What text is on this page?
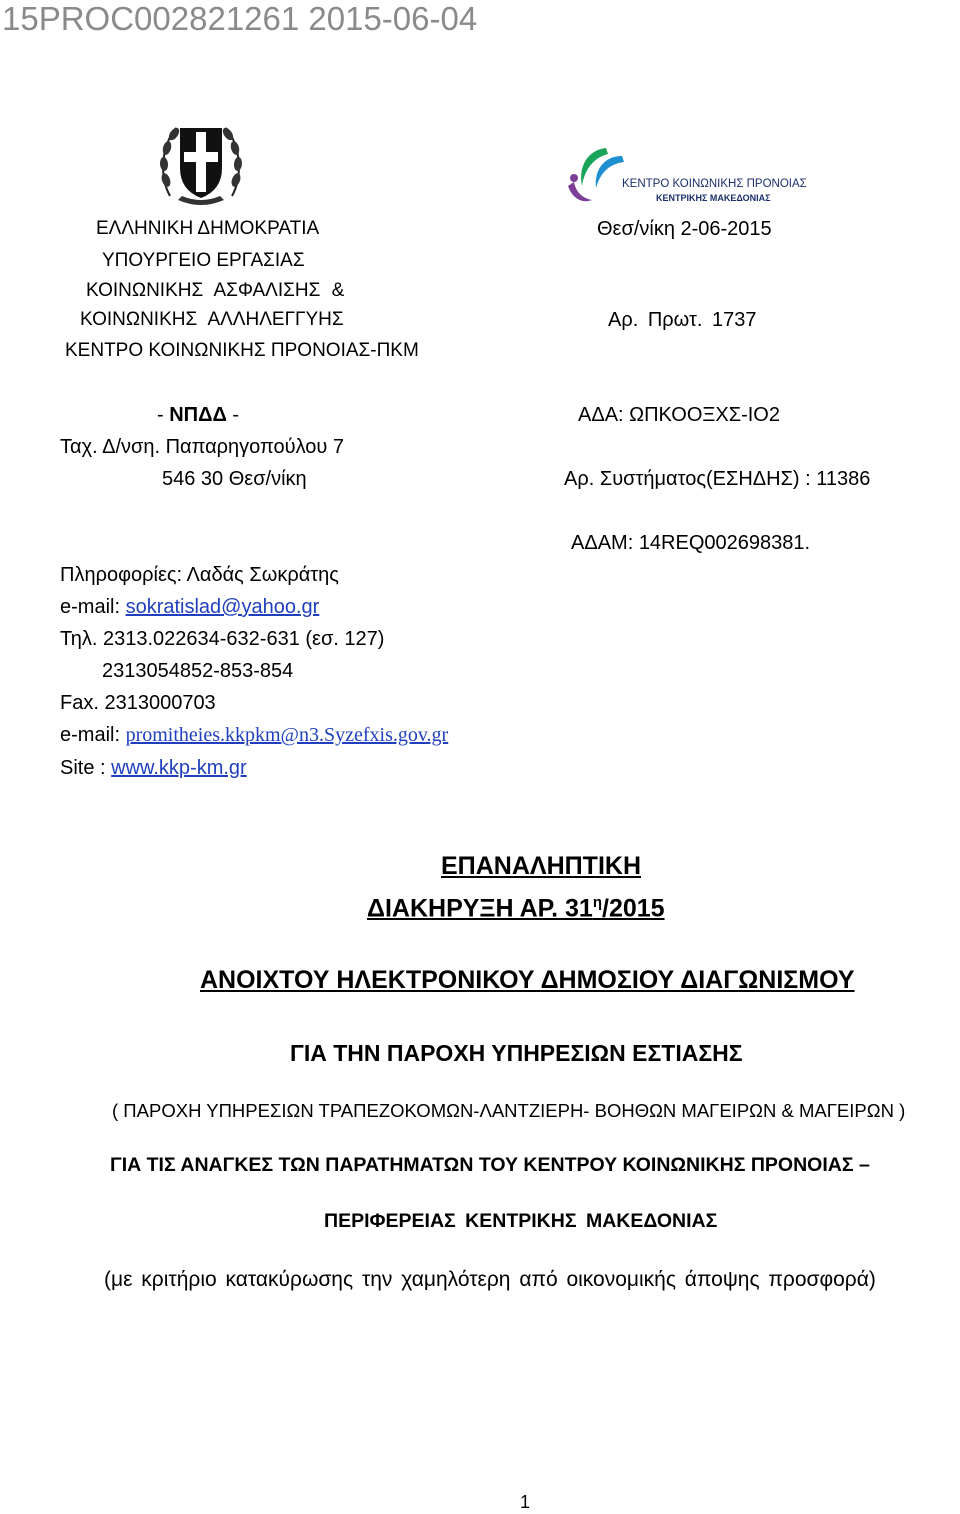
15PROC002821261 2015-06-04
ΚΕΝΤΡΟ ΚΟΙΝΩΝΙΚΗΣ ΠΡΟΝΟΙΑΣ
ΚΕΝΤΡΙΚΗΣ ΜΑΚΕΔΟΝΙΑΣ
ΕΛΛΗΝΙΚΗ ΔΗΜΟΚΡΑΤΙΑ
ΥΠΟΥΡΓΕΙΟ ΕΡΓΑΣΙΑΣ
ΚΟΙΝΩΝΙΚΗΣ ΑΣΦΑΛΙΣΗΣ &
ΚΟΙΝΩΝΙΚΗΣ ΑΛΛΗΛΕΓΓΥΗΣ
ΚΕΝΤΡΟ ΚΟΙΝΩΝΙΚΗΣ ΠΡΟΝΟΙΑΣ-ΠΚΜ
- ΝΠΔΔ -
Ταχ. Δ/νση. Παπαρηγοπούλου 7
546 30 Θεσ/νίκη
Πληροφορίες: Λαδάς Σωκράτης
e-mail: sokratislad@yahoo.gr
Τηλ. 2313.022634-632-631 (εσ. 127)
2313054852-853-854
Fax. 2313000703
e-mail: promitheies.kkpkm@n3.Syzefxis.gov.gr
Site : www.kkp-km.gr
Θεσ/νίκη 2-06-2015
Αρ. Πρωτ. 1737
ΑΔΑ: ΩΠΚΟΟΞΧΣ-ΙΟ2
Αρ. Συστήματος(ΕΣΗΔΗΣ) : 11386
ΑΔΑΜ: 14REQ002698381.
ΕΠΑΝΑΛΗΠΤΙΚΗ
ΔΙΑΚΗΡΥΞΗ ΑΡ. $31^\eta/2015$
ΑΝΟΙΧΤΟΥ ΗΛΕΚΤΡΟΝΙΚΟΥ ΔΗΜΟΣΙΟΥ ΔΙΑΓΩΝΙΣΜΟΥ
ΓΙΑ ΤΗΝ ΠΑΡΟΧΗ ΥΠΗΡΕΣΙΩΝ ΕΣΤΙΑΣΗΣ
( ΠΑΡΟΧΗ ΥΠΗΡΕΣΙΩΝ ΤΡΑΠΕΖΟΚΟΜΩΝ-ΛΑΝΤΖΙΕΡΗ- ΒΟΗΘΩΝ ΜΑΓΕΙΡΩΝ & ΜΑΓΕΙΡΩΝ )
ΓΙΑ ΤΙΣ ΑΝΑΓΚΕΣ ΤΩΝ ΠΑΡΑΤΗΜΑΤΩΝ ΤΟΥ ΚΕΝΤΡΟΥ ΚΟΙΝΩΝΙΚΗΣ ΠΡΟΝΟΙΑΣ –
ΠΕΡΙΦΕΡΕΙΑΣ ΚΕΝΤΡΙΚΗΣ ΜΑΚΕΔΟΝΙΑΣ
(με κριτήριο κατακύρωσης την χαμηλότερη από οικονομικής άποψης προσφορά)
1
